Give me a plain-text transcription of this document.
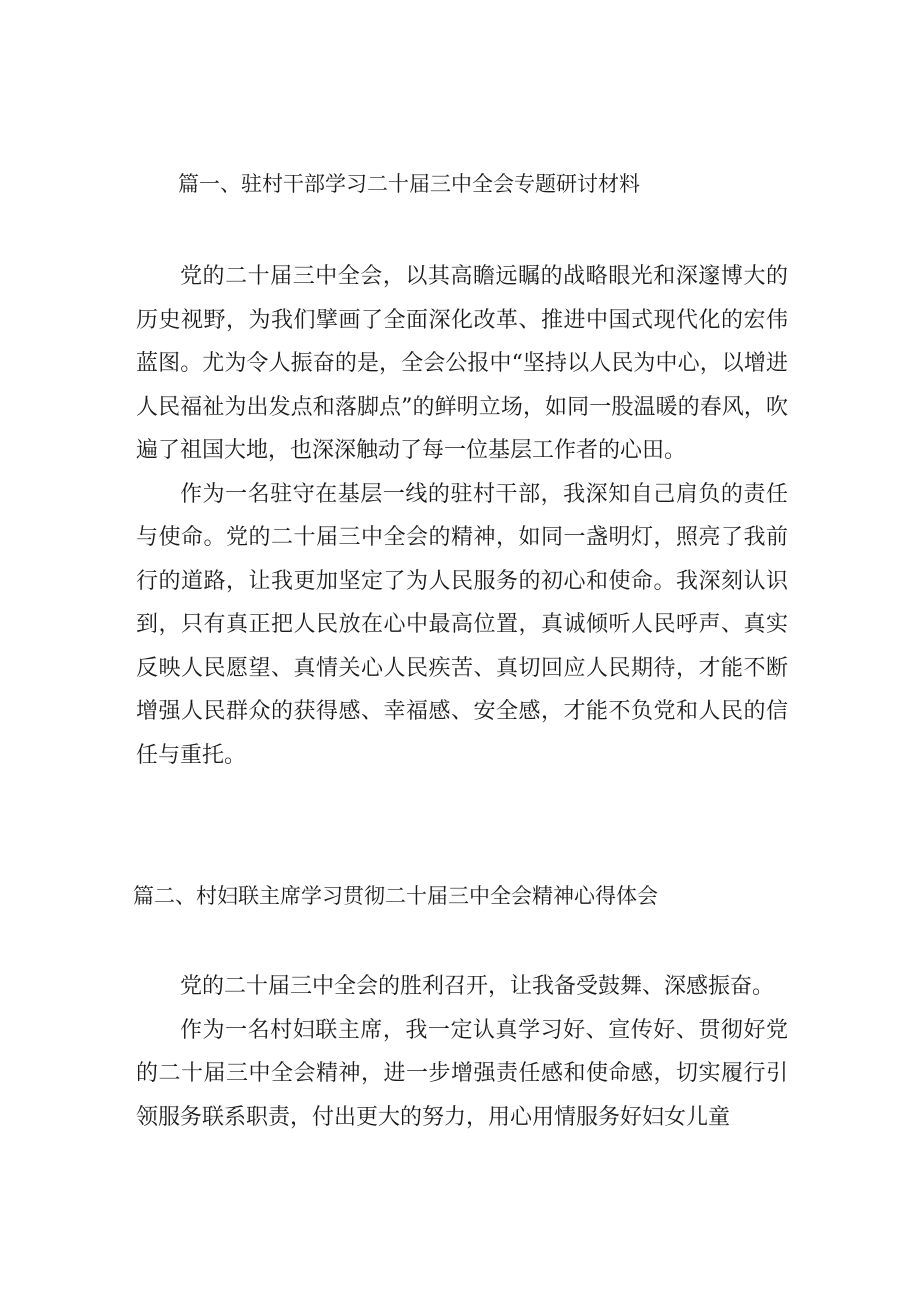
篇一、驻村干部学习二十届三中全会专题研讨材料

党的二十届三中全会，以其高瞻远瞩的战略眼光和深邃博大的历史视野，为我们擘画了全面深化改革、推进中国式现代化的宏伟蓝图。尤为令人振奋的是，全会公报中“坚持以人民为中心，以增进人民福祉为出发点和落脚点”的鲜明立场，如同一股温暖的春风，吹遍了祖国大地，也深深触动了每一位基层工作者的心田。

作为一名驻守在基层一线的驻村干部，我深知自己肩负的责任与使命。党的二十届三中全会的精神，如同一盏明灯，照亮了我前行的道路，让我更加坚定了为人民服务的初心和使命。我深刻认识到，只有真正把人民放在心中最高位置，真诚倾听人民呼声、真实反映人民愿望、真情关心人民疾苦、真切回应人民期待，才能不断增强人民群众的获得感、幸福感、安全感，才能不负党和人民的信任与重托。

篇二、村妇联主席学习贯彻二十届三中全会精神心得体会

党的二十届三中全会的胜利召开，让我备受鼓舞、深感振奋。

作为一名村妇联主席，我一定认真学习好、宣传好、贯彻好党的二十届三中全会精神，进一步增强责任感和使命感，切实履行引领服务联系职责，付出更大的努力，用心用情服务好妇女儿童
